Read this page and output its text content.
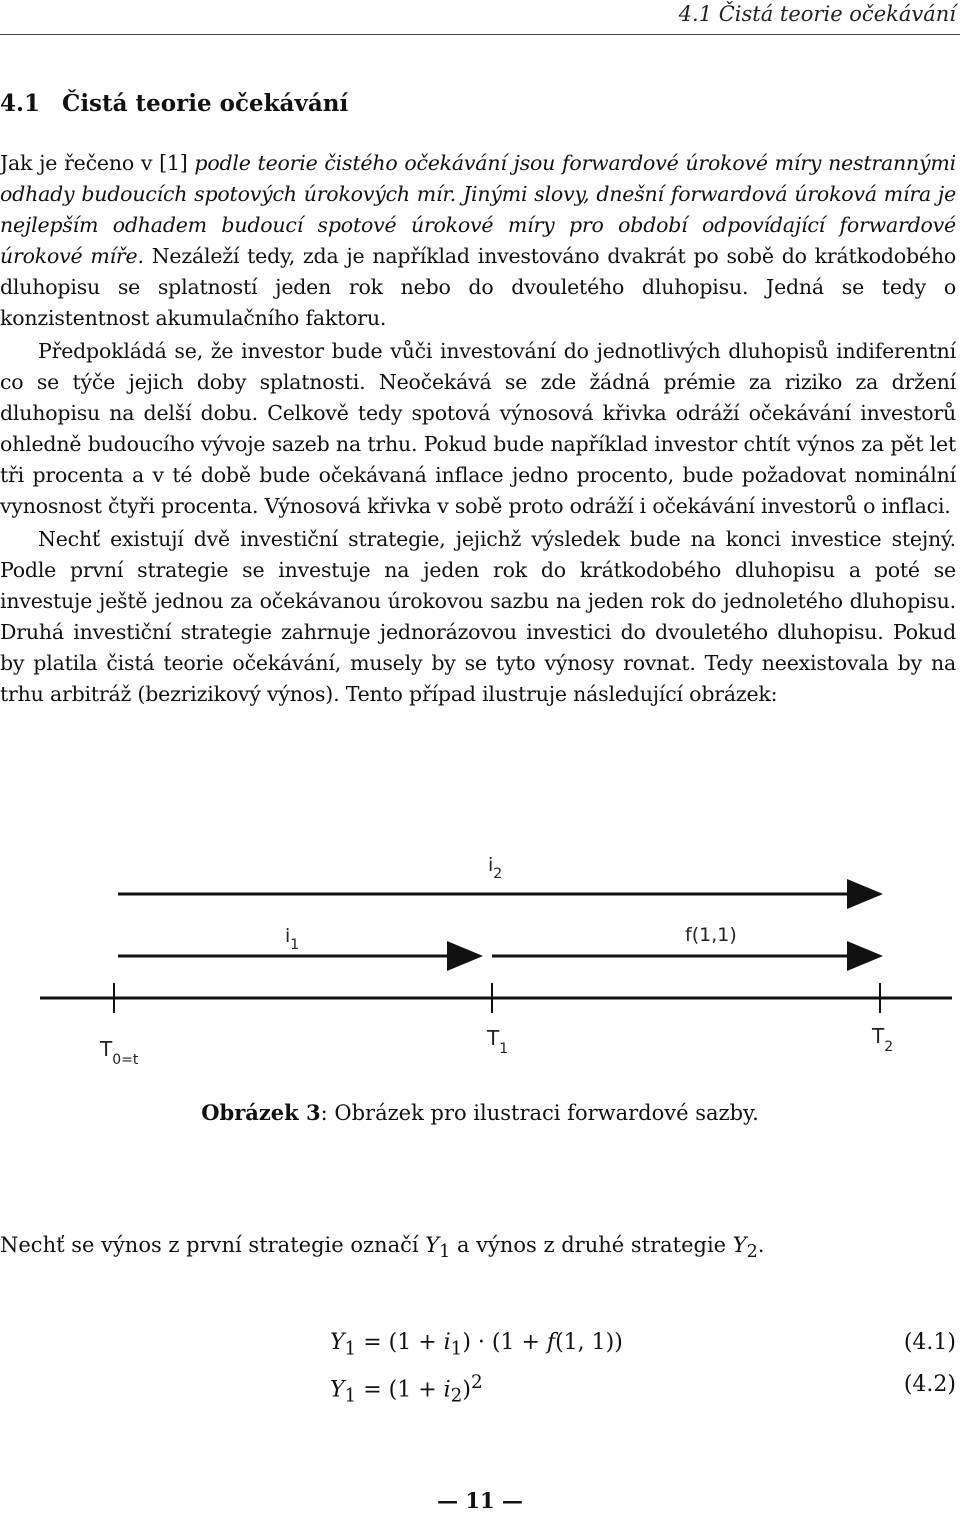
4.1 Čistá teorie očekávání
4.1 Čistá teorie očekávání

Jak je řečeno v [1] podle teorie čistého očekávání jsou forwardové úrokové míry nestrannými odhady budoucích spotových úrokových mír. Jinými slovy, dnešní forwardová úroková míra je nejlepším odhadem budoucí spotové úrokové míry pro období odpovídající forwardové úrokové míře. Nezáleží tedy, zda je například investováno dvakrát po sobě do krátkodobého dluhopisu se splatností jeden rok nebo do dvouletého dluhopisu. Jedná se tedy o konzistentnost akumulačního faktoru.

Předpokládá se, že investor bude vůči investování do jednotlivých dluhopisů indiferentní co se týče jejich doby splatnosti. Neočekává se zde žádná prémie za riziko za držení dluhopisu na delší dobu. Celkově tedy spotová výnosová křivka odráží očekávání investorů ohledně budoucího vývoje sazeb na trhu. Pokud bude například investor chtít výnos za pět let tři procenta a v té době bude očekávaná inflace jedno procento, bude požadovat nominální vynosnost čtyři procenta. Výnosová křivka v sobě proto odráží i očekávání investorů o inflaci.

Nechť existují dvě investiční strategie, jejichž výsledek bude na konci investice stejný. Podle první strategie se investuje na jeden rok do krátkodobého dluhopisu a poté se investuje ještě jednou za očekávanou úrokovou sazbu na jeden rok do jednoletého dluhopisu. Druhá investiční strategie zahrnuje jednorázovou investici do dvouletého dluhopisu. Pokud by platila čistá teorie očekávání, musely by se tyto výnosy rovnat. Tedy neexistovala by na trhu arbitráž (bezrizikový výnos). Tento případ ilustruje následující obrázek:

$i_2$
$i_1$	f(1,1)
$T_{0=t}$
$T_1$
$T_2$
Obrázek 3: Obrázek pro ilustraci forwardové sazby.
Nechť se výnos z první strategie označí $Y_1$ a výnos z druhé strategie $Y_2$.
$Y_1 = (1 + i_1) \cdot (1 + f(1$, 1))	(4.1)
$Y_1 = (1 + i_2)^2$	(4.2)
— 11 —
